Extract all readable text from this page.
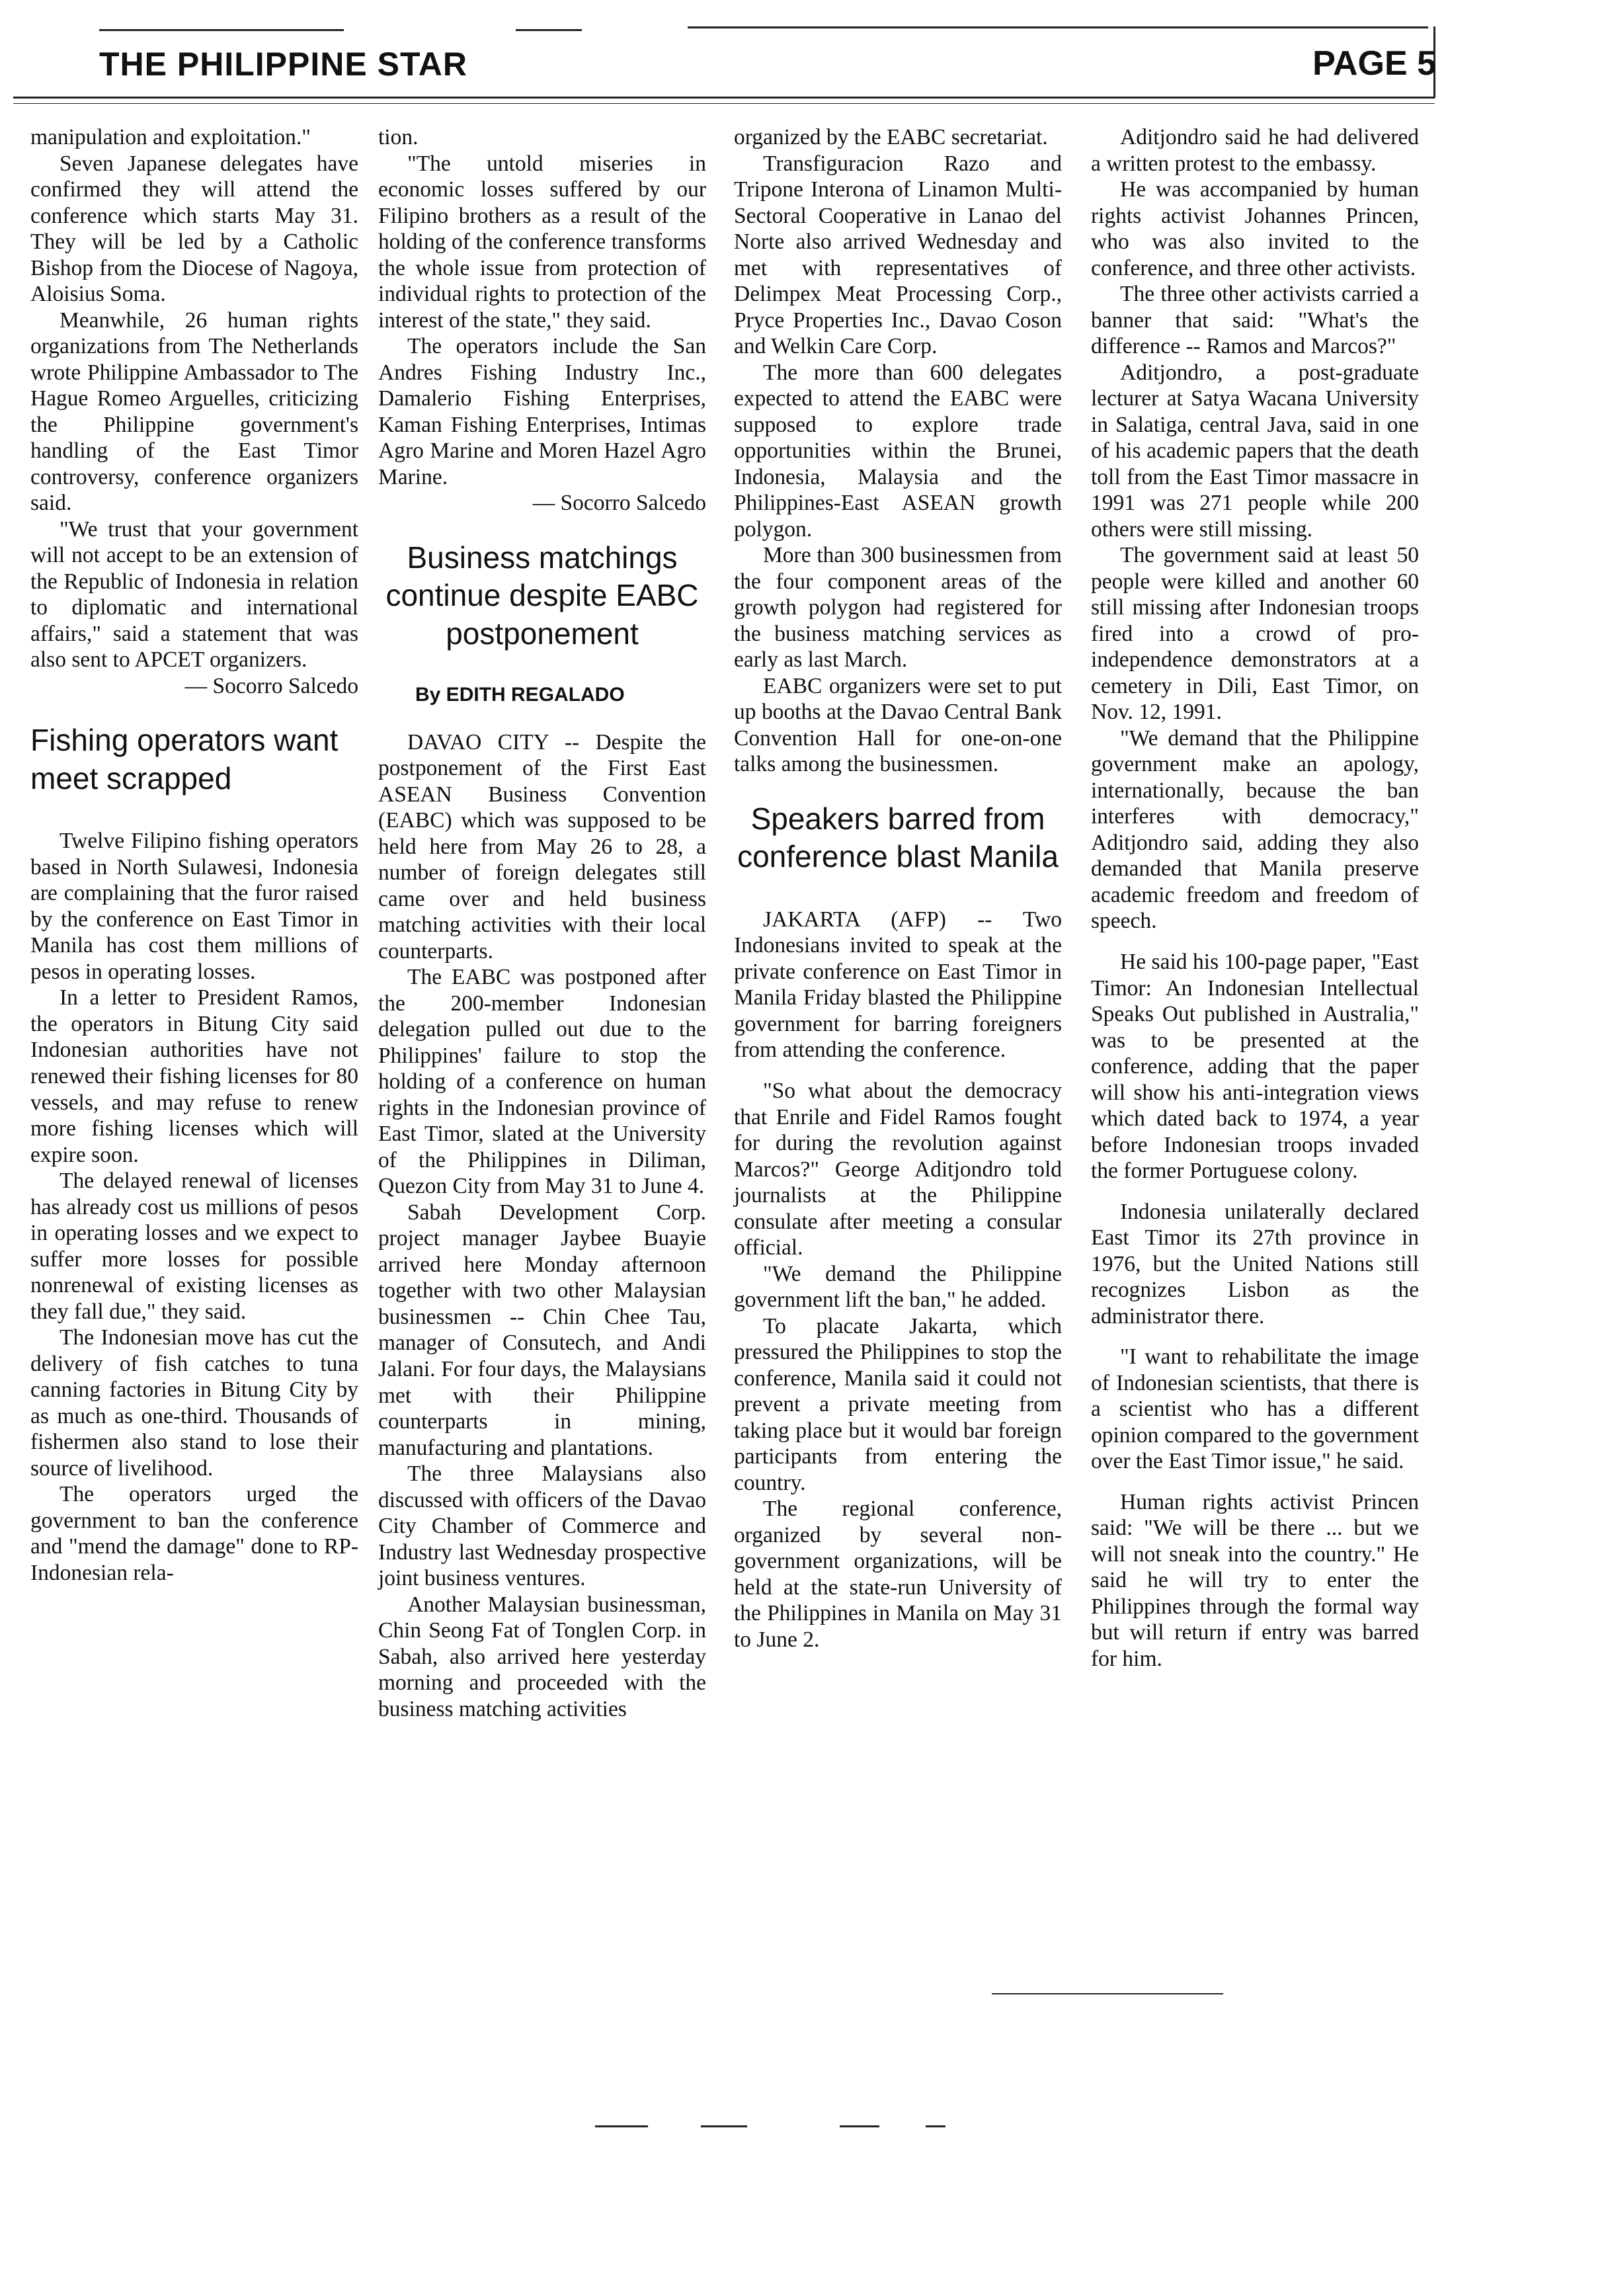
THE PHILIPPINE STAR	PAGE 5

manipulation and exploitation."

Seven Japanese delegates have confirmed they will attend the conference which starts May 31. They will be led by a Catholic Bishop from the Diocese of Nagoya, Aloisius Soma.

Meanwhile, 26 human rights organizations from The Netherlands wrote Philippine Ambassador to The Hague Romeo Arguelles, criticizing the Philippine government's handling of the East Timor controversy, conference organizers said.

"We trust that your government will not accept to be an extension of the Republic of Indonesia in relation to diplomatic and international affairs," said a statement that was also sent to APCET organizers.

— Socorro Salcedo
Fishing operators want meet scrapped

Twelve Filipino fishing operators based in North Sulawesi, Indonesia are complaining that the furor raised by the conference on East Timor in Manila has cost them millions of pesos in operating losses.

In a letter to President Ramos, the operators in Bitung City said Indonesian authorities have not renewed their fishing licenses for 80 vessels, and may refuse to renew more fishing licenses which will expire soon.

The delayed renewal of licenses has already cost us millions of pesos in operating losses and we expect to suffer more losses for possible nonrenewal of existing licenses as they fall due," they said.

The Indonesian move has cut the delivery of fish catches to tuna canning factories in Bitung City by as much as one-third. Thousands of fishermen also stand to lose their source of livelihood.

The operators urged the government to ban the conference and "mend the damage" done to RP-Indonesian rela-

tion.

"The untold miseries in economic losses suffered by our Filipino brothers as a result of the holding of the conference transforms the whole issue from protection of individual rights to protection of the interest of the state," they said.

The operators include the San Andres Fishing Industry Inc., Damalerio Fishing Enterprises, Kaman Fishing Enterprises, Intimas Agro Marine and Moren Hazel Agro Marine.

— Socorro Salcedo
Business matchings continue despite EABC postponement
By EDITH REGALADO

DAVAO CITY -- Despite the postponement of the First East ASEAN Business Convention (EABC) which was supposed to be held here from May 26 to 28, a number of foreign delegates still came over and held business matching activities with their local counterparts.

The EABC was postponed after the 200-member Indonesian delegation pulled out due to the Philippines' failure to stop the holding of a conference on human rights in the Indonesian province of East Timor, slated at the University of the Philippines in Diliman, Quezon City from May 31 to June 4.

Sabah Development Corp. project manager Jaybee Buayie arrived here Monday afternoon together with two other Malaysian businessmen -- Chin Chee Tau, manager of Consutech, and Andi Jalani. For four days, the Malaysians met with their Philippine counterparts in mining, manufacturing and plantations.

The three Malaysians also discussed with officers of the Davao City Chamber of Commerce and Industry last Wednesday prospective joint business ventures.

Another Malaysian businessman, Chin Seong Fat of Tonglen Corp. in Sabah, also arrived here yesterday morning and proceeded with the business matching activities

organized by the EABC secretariat.

Transfiguracion Razo and Tripone Interona of Linamon Multi- Sectoral Cooperative in Lanao del Norte also arrived Wednesday and met with representatives of Delimpex Meat Processing Corp., Pryce Properties Inc., Davao Coson and Welkin Care Corp.

The more than 600 delegates expected to attend the EABC were supposed to explore trade opportunities within the Brunei, Indonesia, Malaysia and the Philippines-East ASEAN growth polygon.

More than 300 businessmen from the four component areas of the growth polygon had registered for the business matching services as early as last March.

EABC organizers were set to put up booths at the Davao Central Bank Convention Hall for one-on-one talks among the businessmen.

Speakers barred from conference blast Manila

JAKARTA (AFP) -- Two Indonesians invited to speak at the private conference on East Timor in Manila Friday blasted the Philippine government for barring foreigners from attending the conference.

"So what about the democracy that Enrile and Fidel Ramos fought for during the revolution against Marcos?" George Aditjondro told journalists at the Philippine consulate after meeting a consular official.

"We demand the Philippine government lift the ban," he added.

To placate Jakarta, which pressured the Philippines to stop the conference, Manila said it could not prevent a private meeting from taking place but it would bar foreign participants from entering the country.

The regional conference, organized by several non-government organizations, will be held at the state-run University of the Philippines in Manila on May 31 to June 2.

Aditjondro said he had delivered a written protest to the embassy.

He was accompanied by human rights activist Johannes Princen, who was also invited to the conference, and three other activists.

The three other activists carried a banner that said: "What's the difference -- Ramos and Marcos?"

Aditjondro, a post-graduate lecturer at Satya Wacana University in Salatiga, central Java, said in one of his academic papers that the death toll from the East Timor massacre in 1991 was 271 people while 200 others were still missing.

The government said at least 50 people were killed and another 60 still missing after Indonesian troops fired into a crowd of pro- independence demonstrators at a cemetery in Dili, East Timor, on Nov. 12, 1991.

"We demand that the Philippine government make an apology, internationally, because the ban interferes with democracy," Aditjondro said, adding they also demanded that Manila preserve academic freedom and freedom of speech.

He said his 100-page paper, "East Timor: An Indonesian Intellectual Speaks Out published in Australia," was to be presented at the conference, adding that the paper will show his anti-integration views which dated back to 1974, a year before Indonesian troops invaded the former Portuguese colony.

Indonesia unilaterally declared East Timor its 27th province in 1976, but the United Nations still recognizes Lisbon as the administrator there.

"I want to rehabilitate the image of Indonesian scientists, that there is a scientist who has a different opinion compared to the government over the East Timor issue," he said.

Human rights activist Princen said: "We will be there ... but we will not sneak into the country." He said he will try to enter the Philippines through the formal way but will return if entry was barred for him.
